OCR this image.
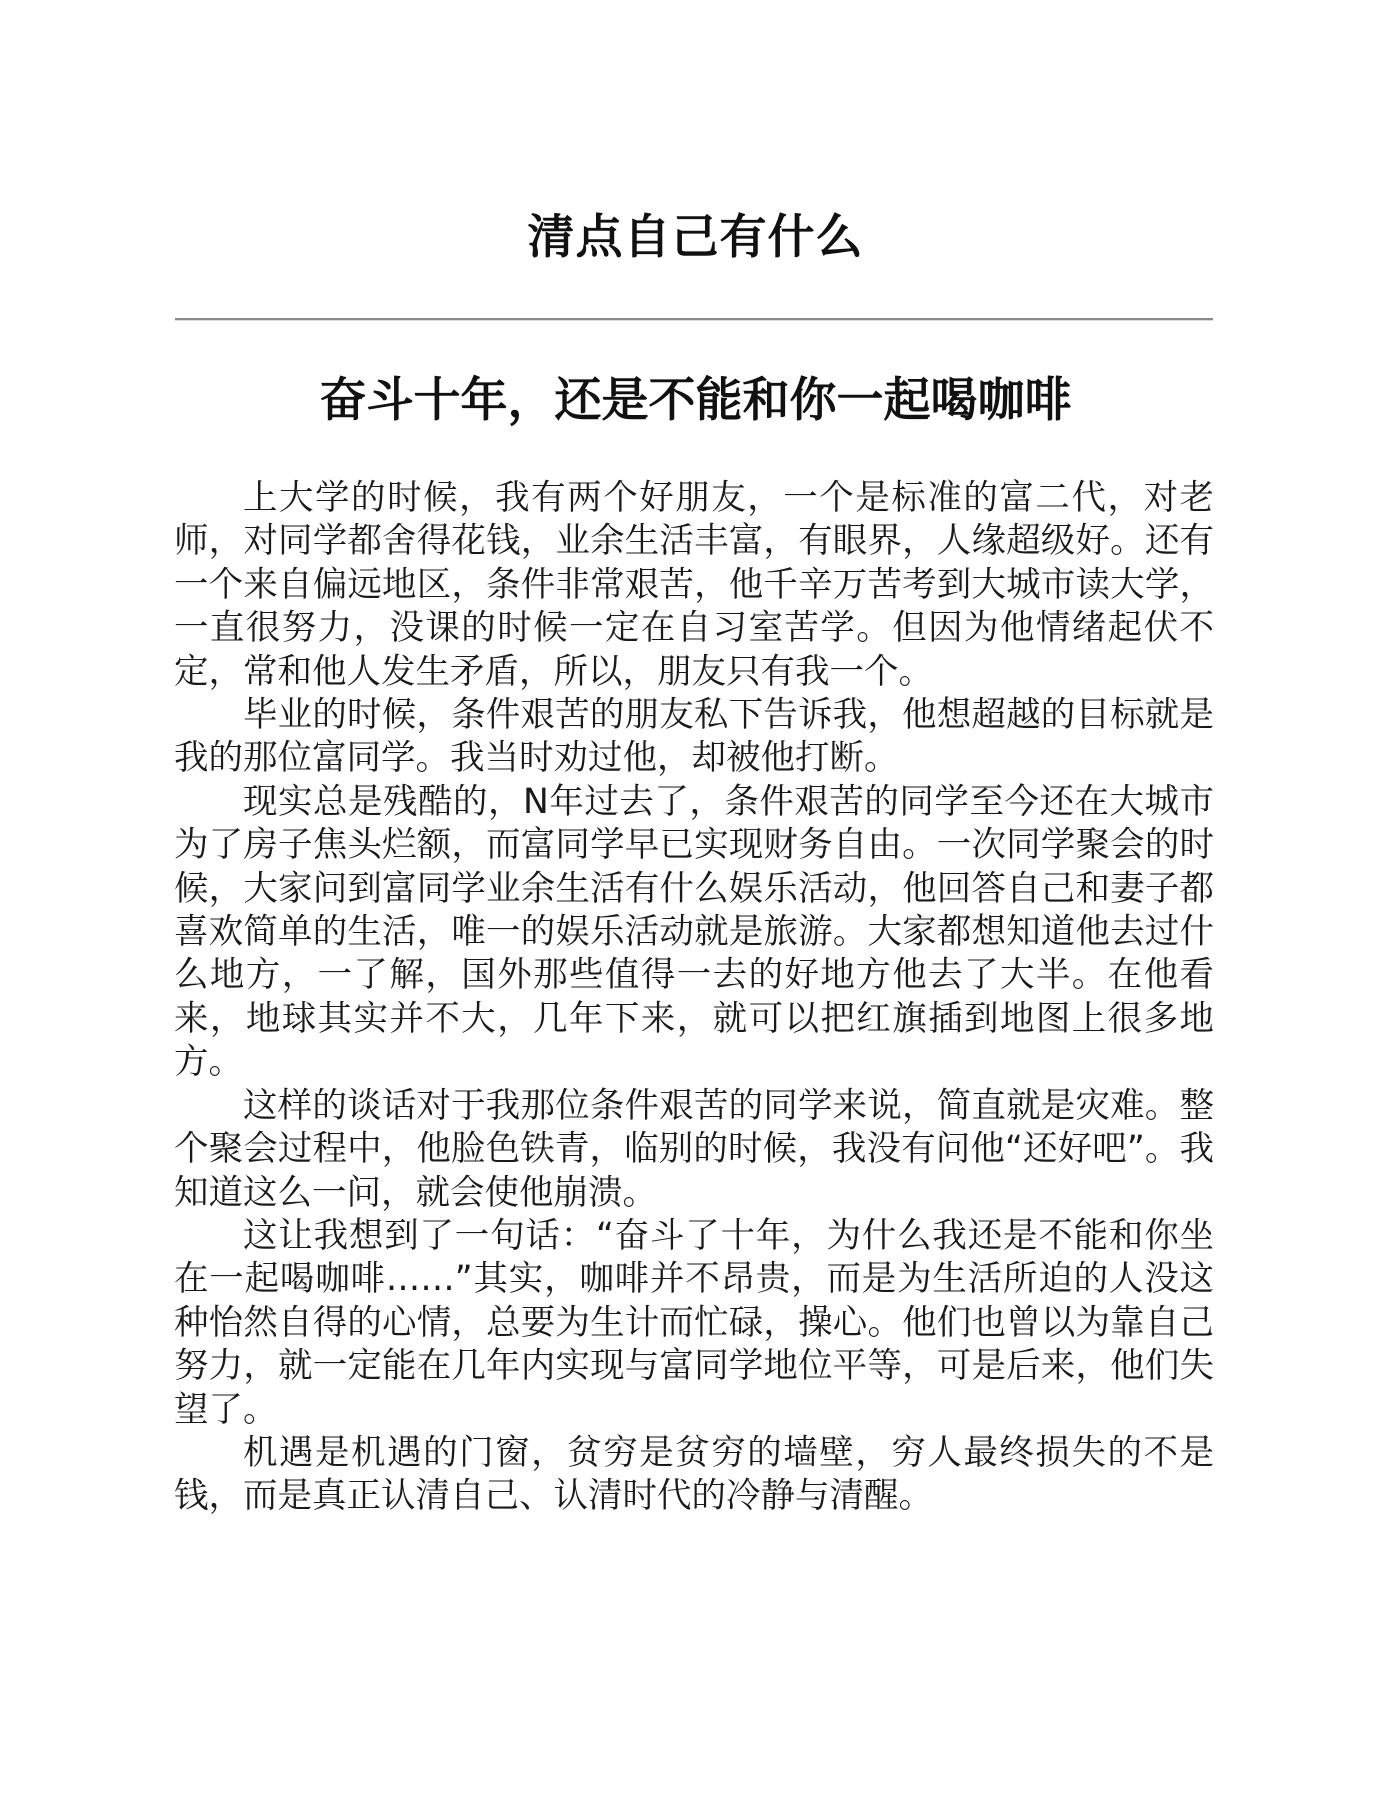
清点自己有什么
奋斗十年，还是不能和你一起喝咖啡

上大学的时候，我有两个好朋友，一个是标准的富二代，对老师，对同学都舍得花钱，业余生活丰富，有眼界，人缘超级好。还有一个来自偏远地区，条件非常艰苦，他千辛万苦考到大城市读大学，一直很努力，没课的时候一定在自习室苦学。但因为他情绪起伏不定，常和他人发生矛盾，所以，朋友只有我一个。

毕业的时候，条件艰苦的朋友私下告诉我，他想超越的目标就是我的那位富同学。我当时劝过他，却被他打断。

现实总是残酷的，N年过去了，条件艰苦的同学至今还在大城市为了房子焦头烂额，而富同学早已实现财务自由。一次同学聚会的时候，大家问到富同学业余生活有什么娱乐活动，他回答自己和妻子都喜欢简单的生活，唯一的娱乐活动就是旅游。大家都想知道他去过什么地方，一了解，国外那些值得一去的好地方他去了大半。在他看来，地球其实并不大，几年下来，就可以把红旗插到地图上很多地方。

这样的谈话对于我那位条件艰苦的同学来说，简直就是灾难。整个聚会过程中，他脸色铁青，临别的时候，我没有问他“还好吧”。我知道这么一问，就会使他崩溃。

这让我想到了一句话：“奋斗了十年，为什么我还是不能和你坐在一起喝咖啡……”其实，咖啡并不昂贵，而是为生活所迫的人没这种怡然自得的心情，总要为生计而忙碌，操心。他们也曾以为靠自己努力，就一定能在几年内实现与富同学地位平等，可是后来，他们失望了。

机遇是机遇的门窗，贫穷是贫穷的墙壁，穷人最终损失的不是钱，而是真正认清自己、认清时代的冷静与清醒。
